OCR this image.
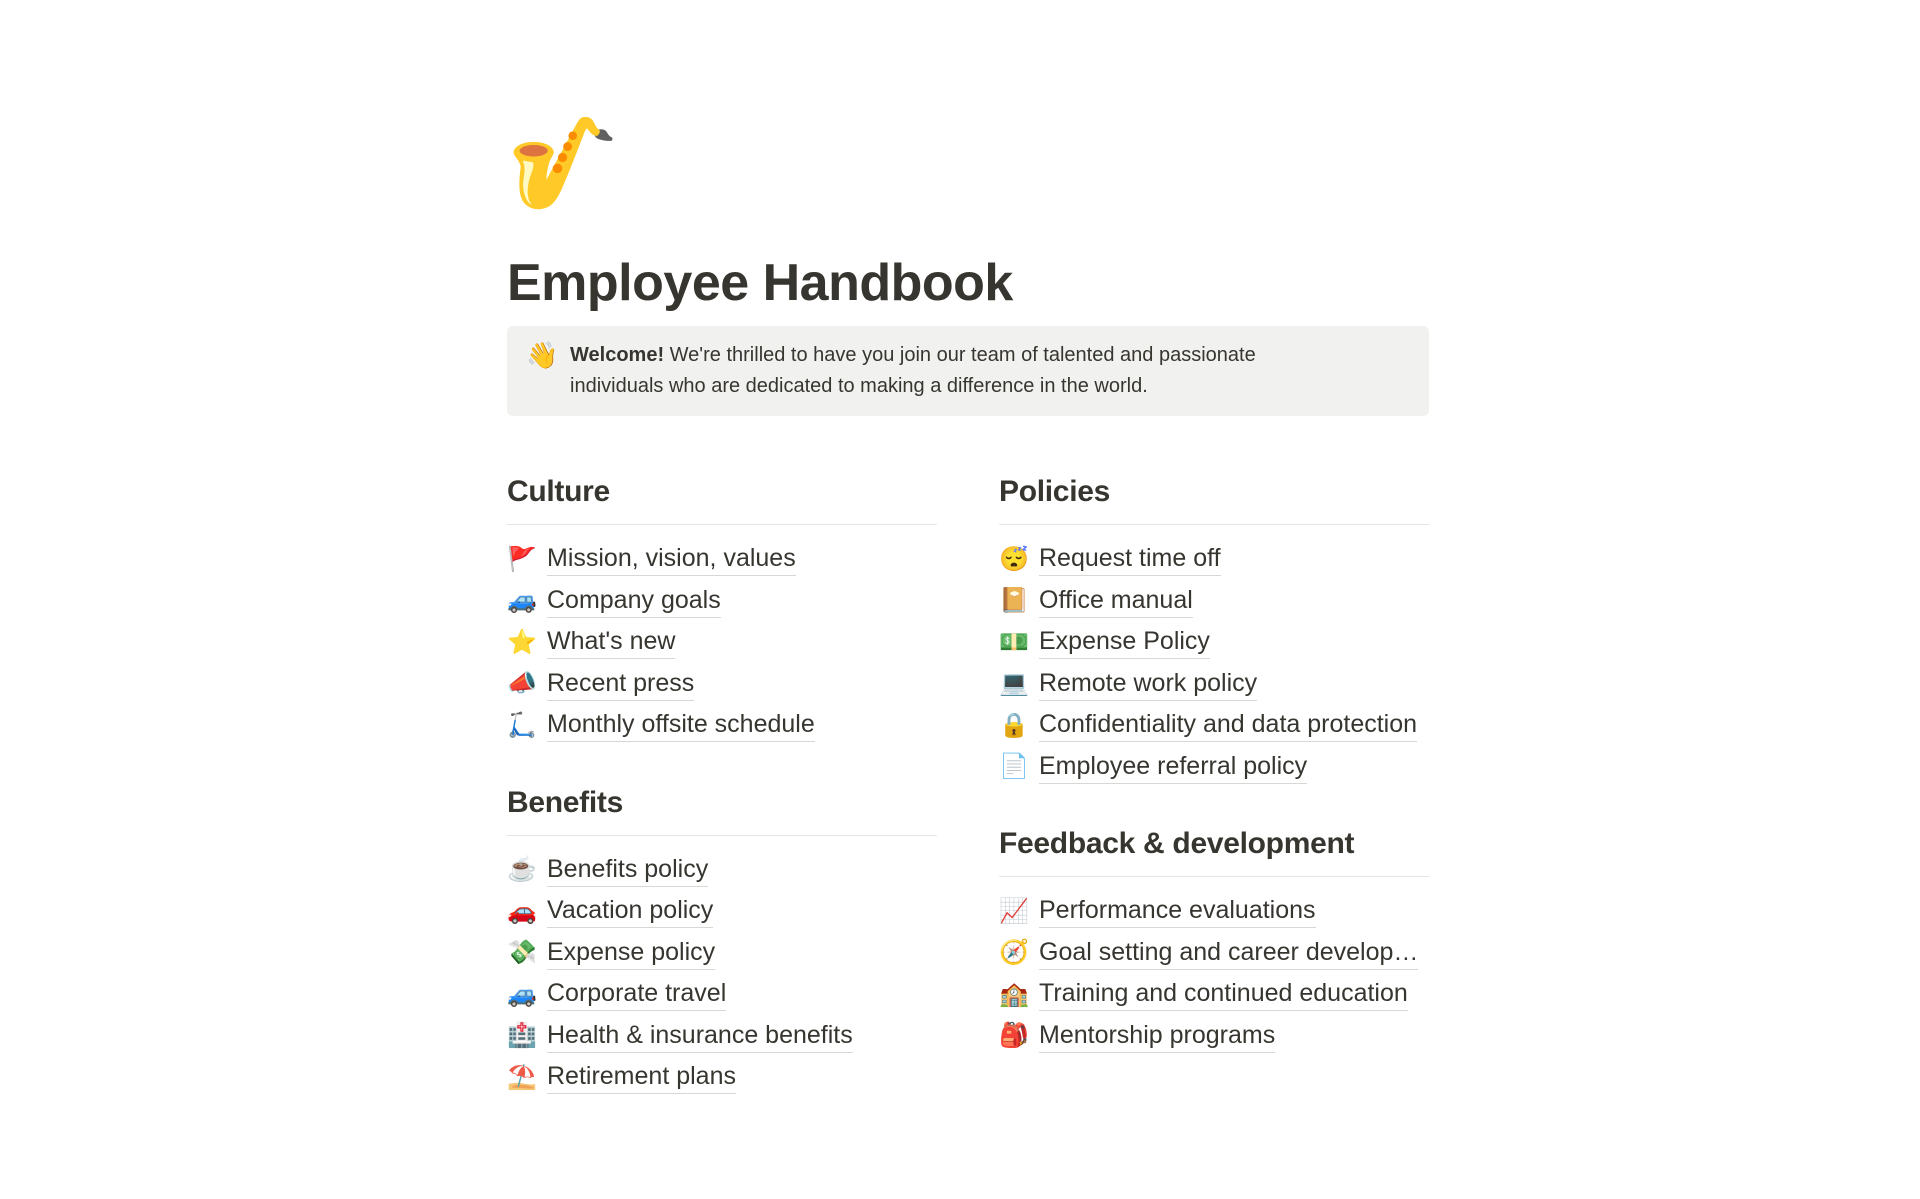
🎷
Employee Handbook
👋 Welcome! We're thrilled to have you join our team of talented and passionate individuals who are dedicated to making a difference in the world.
Culture
🚩 Mission, vision, values
🚙 Company goals
⭐ What's new
📣 Recent press
🛴 Monthly offsite schedule
Benefits
☕ Benefits policy
🚗 Vacation policy
💸 Expense policy
🚙 Corporate travel
🏥 Health & insurance benefits
⛱️ Retirement plans
Policies
😴 Request time off
📔 Office manual
💵 Expense Policy
💻 Remote work policy
🔒 Confidentiality and data protection
📄 Employee referral policy
Feedback & development
📈 Performance evaluations
🧭 Goal setting and career develop…
🏫 Training and continued education
🎒 Mentorship programs
